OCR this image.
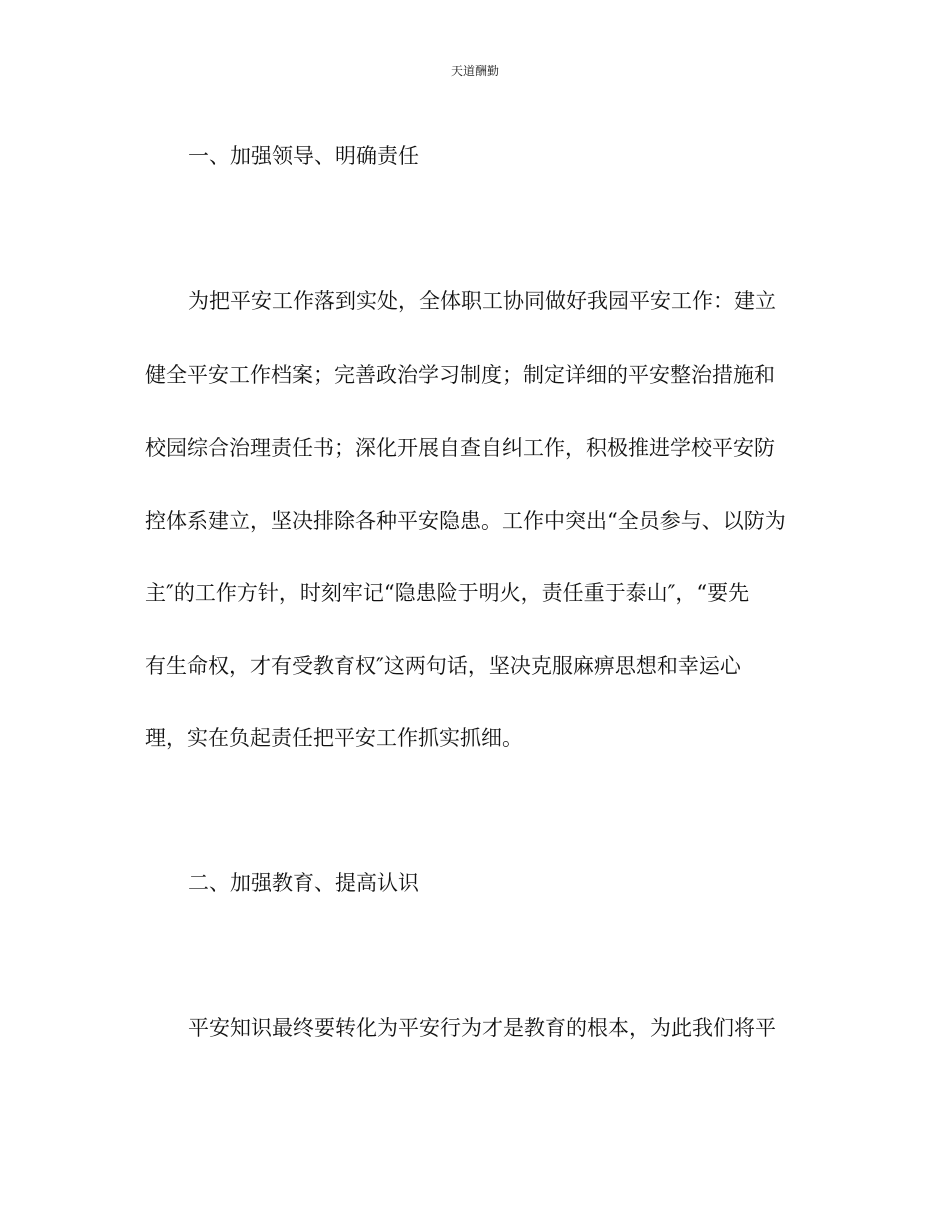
天道酬勤
一、加强领导、明确责任
为把平安工作落到实处，全体职工协同做好我园平安工作：建立
健全平安工作档案；完善政治学习制度；制定详细的平安整治措施和
校园综合治理责任书；深化开展自查自纠工作，积极推进学校平安防
控体系建立，坚决排除各种平安隐患。工作中突出“全员参与、以防为
主″的工作方针，时刻牢记“隐患险于明火，责任重于泰山″，“要先
有生命权，才有受教育权″这两句话，坚决克服麻痹思想和幸运心
理，实在负起责任把平安工作抓实抓细。
二、加强教育、提高认识
平安知识最终要转化为平安行为才是教育的根本，为此我们将平
